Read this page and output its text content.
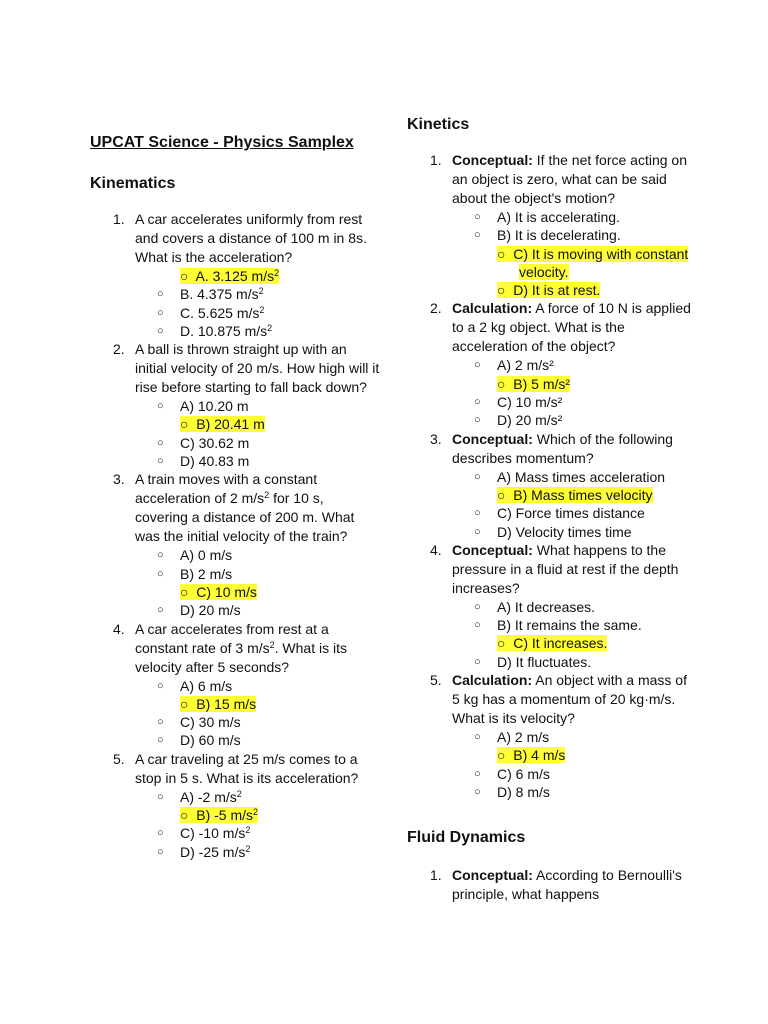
UPCAT Science - Physics Samplex
Kinematics
1. A car accelerates uniformly from rest and covers a distance of 100 m in 8s. What is the acceleration?
○ A. 3.125 $m/s^2$
○ B. 4.375 $m/s^2$
○ C. 5.625 $m/s^2$
○ D. 10.875 $m/s^2$
2. A ball is thrown straight up with an initial velocity of 20 m/s. How high will it rise before starting to fall back down?
○ A) 10.20 m
○ B) 20.41 m
○ C) 30.62 m
○ D) 40.83 m
3. A train moves with a constant acceleration of 2 $m/s^2$ for 10 s, covering a distance of 200 m. What was the initial velocity of the train?
○ A) 0 m/s
○ B) 2 m/s
○ C) 10 m/s
○ D) 20 m/s
4. A car accelerates from rest at a constant rate of 3 $m/s^2$. What is its velocity after 5 seconds?
○ A) 6 m/s
○ B) 15 m/s
○ C) 30 m/s
○ D) 60 m/s
5. A car traveling at 25 m/s comes to a stop in 5 s. What is its acceleration?
○ A) -2 $m/s^2$
○ B) -5 $m/s^2$
○ C) -10 $m/s^2$
○ D) -25 $m/s^2$
Kinetics
1. Conceptual: If the net force acting on an object is zero, what can be said about the object's motion?
○ A) It is accelerating.
○ B) It is decelerating.
○ C) It is moving with constant velocity.
○ D) It is at rest.
2. Calculation: A force of 10 N is applied to a 2 kg object. What is the acceleration of the object?
○ A) 2 m/s²
○ B) 5 m/s²
○ C) 10 m/s²
○ D) 20 m/s²
3. Conceptual: Which of the following describes momentum?
○ A) Mass times acceleration
○ B) Mass times velocity
○ C) Force times distance
○ D) Velocity times time
4. Conceptual: What happens to the pressure in a fluid at rest if the depth increases?
○ A) It decreases.
○ B) It remains the same.
○ C) It increases.
○ D) It fluctuates.
5. Calculation: An object with a mass of 5 kg has a momentum of 20 kg·m/s. What is its velocity?
○ A) 2 m/s
○ B) 4 m/s
○ C) 6 m/s
○ D) 8 m/s
Fluid Dynamics
1. Conceptual: According to Bernoulli's principle, what happens
